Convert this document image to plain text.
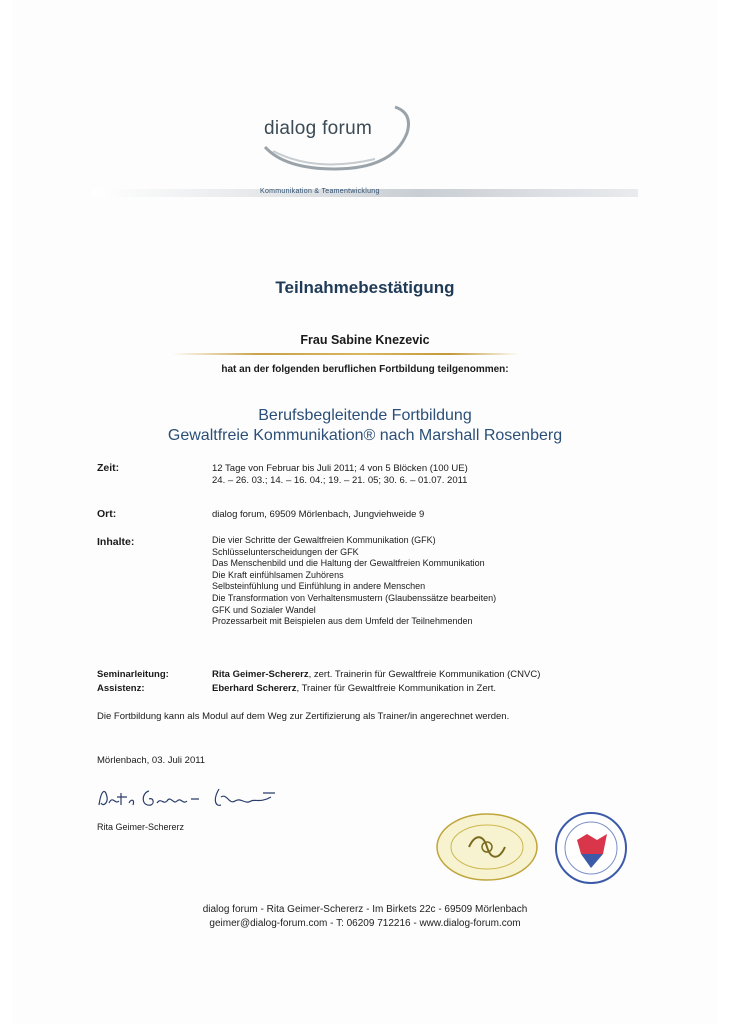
dialog forum
Kommunikation & Teamentwicklung
Teilnahmebestätigung
Frau Sabine Knezevic
hat an der folgenden beruflichen Fortbildung teilgenommen:
Berufsbegleitende Fortbildung
Gewaltfreie Kommunikation® nach Marshall Rosenberg
Zeit:	12 Tage von Februar bis Juli 2011; 4 von 5 Blöcken (100 UE)
24. – 26. 03.; 14. – 16. 04.; 19. – 21. 05; 30. 6. – 01.07. 2011
Ort:	dialog forum, 69509 Mörlenbach, Jungviehweide 9
Inhalte:	Die vier Schritte der Gewaltfreien Kommunikation (GFK)
Schlüsselunterscheidungen der GFK
Das Menschenbild und die Haltung der Gewaltfreien Kommunikation
Die Kraft einfühlsamen Zuhörens
Selbsteinfühlung und Einfühlung in andere Menschen
Die Transformation von Verhaltensmustern (Glaubenssätze bearbeiten)
GFK und Sozialer Wandel
Prozessarbeit mit Beispielen aus dem Umfeld der Teilnehmenden
Seminarleitung:	Rita Geimer-Schererz, zert. Trainerin für Gewaltfreie Kommunikation (CNVC)
Assistenz:	Eberhard Schererz, Trainer für Gewaltfreie Kommunikation in Zert.
Die Fortbildung kann als Modul auf dem Weg zur Zertifizierung als Trainer/in angerechnet werden.
Mörlenbach, 03. Juli 2011
Rita Geimer-Schererz
dialog forum - Rita Geimer-Schererz - Im Birkets 22c - 69509 Mörlenbach
geimer@dialog-forum.com - T: 06209 712216 - www.dialog-forum.com
